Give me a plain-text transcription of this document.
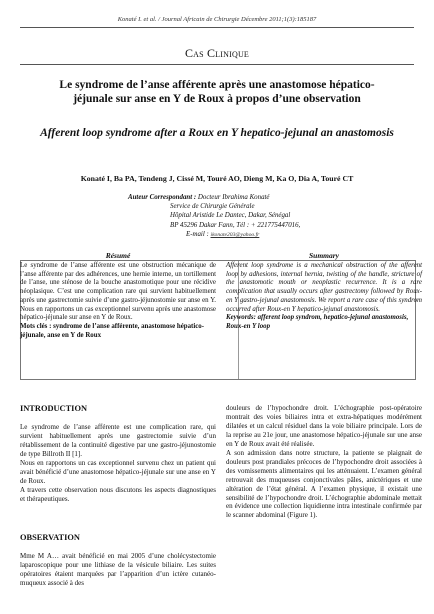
Konaté I. et al. / Journal Africain de Chirurgie Décembre 2011;1(3):185187
Cas Clinique
Le syndrome de l’anse afférente après une anastomose hépatico-jéjunale sur anse en Y de Roux à propos d’une observation
Afferent loop syndrome after a Roux en Y hepatico-jejunal an anastomosis
Konaté I, Ba PA, Tendeng J, Cissé M, Touré AO, Dieng M, Ka O, Dia A, Touré CT
Auteur Correspondant : Docteur Ibrahima Konaté
Service de Chirurgie Générale
Hôpital Aristide Le Dantec, Dakar, Sénégal
BP 45296 Dakar Fann, Tél : + 221775447016,
E-mail : ikonate203@yahoo.fr
Résumé
Le syndrome de l’anse afférente est une obstruction mécanique de l’anse afférente par des adhérences, une hernie interne, un tortillement de l’anse, une sténose de la bouche anastomotique pour une récidive néoplasique. C’est une complication rare qui survient habituellement après une gastrectomie suivie d’une gastro-jéjunostomie sur anse en Y. Nous en rapportons un cas exceptionnel survenu après une anastomose hépatico-jéjunale sur anse en Y de Roux.
Mots clés : syndrome de l’anse afférente, anastomose hépatico-jéjunale, anse en Y de Roux
Summary
Afferent loop syndrome is a mechanical obstruction of the afferent loop by adhesions, internal hernia, twisting of the handle, stricture of the anastomotic mouth or neoplastic recurrence. It is a rare complication that usually occurs after gastrectomy followed by Roux-en Y gastro-jejunal anastomosis. We report a rare case of this syndrom occurred after Roux-en Y hepatico-jejunal anastomosis.
Keywords: afferent loop syndrom, hepatico-jejunal anastomosis, Roux-en Y loop
INTRODUCTION
Le syndrome de l’anse afférente est une complication rare, qui survient habituellement après une gastrectomie suivie d’un rétablissement de la continuité digestive par une gastro-jéjunostomie de type Billroth II [1].
Nous en rapportons un cas exceptionnel survenu chez un patient qui avait bénéficié d’une anastomose hépatico-jéjunale sur une anse en Y de Roux.
A travers cette observation nous discutons les aspects diagnostiques et thérapeutiques.
OBSERVATION
Mme M A… avait bénéficié en mai 2005 d’une cholécystectomie laparoscopique pour une lithiase de la vésicule biliaire. Les suites opératoires étaient marquées par l’apparition d’un ictère cutanéo-muqueux associé à des
douleurs de l’hypochondre droit. L’échographie post-opératoire montrait des voies biliaires intra et extra-hépatiques modérément dilatées et un calcul résiduel dans la voie biliaire principale. Lors de la reprise au 21e jour, une anastomose hépatico-jéjunale sur une anse en Y de Roux avait été réalisée.
A son admission dans notre structure, la patiente se plaignait de douleurs post prandiales précoces de l’hypochondre droit associées à des vomissements alimentaires qui les atténuaient. L’examen général retrouvait des muqueuses conjonctivales pâles, anictériques et une altération de l’état général. A l’examen physique, il existait une sensibilité de l’hypochondre droit. L’échographie abdominale mettait en évidence une collection liquidienne intra intestinale confirmée par le scanner abdominal (Figure 1).
